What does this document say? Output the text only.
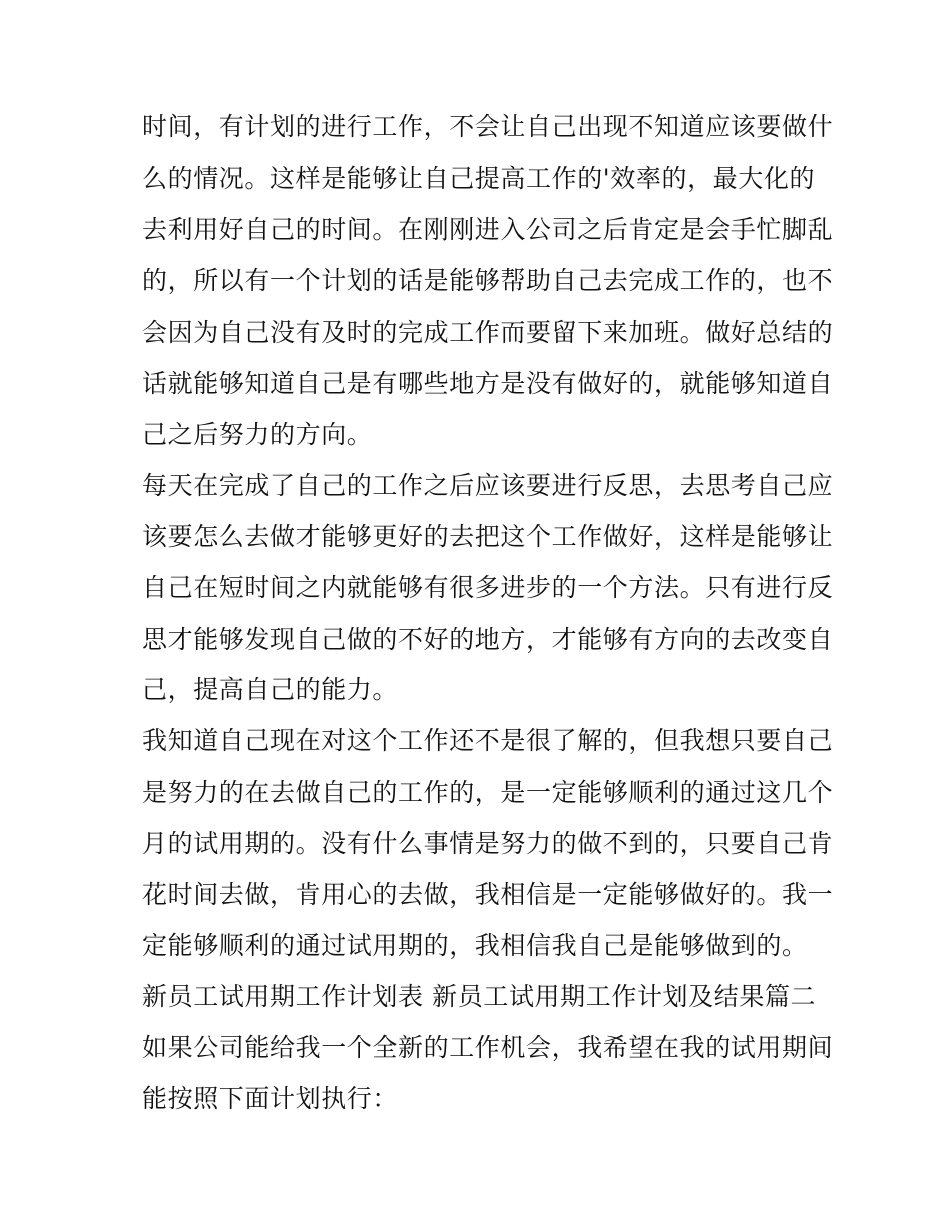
时间，有计划的进行工作，不会让自己出现不知道应该要做什
么的情况。这样是能够让自己提高工作的'效率的，最大化的
去利用好自己的时间。在刚刚进入公司之后肯定是会手忙脚乱
的，所以有一个计划的话是能够帮助自己去完成工作的，也不
会因为自己没有及时的完成工作而要留下来加班。做好总结的
话就能够知道自己是有哪些地方是没有做好的，就能够知道自
己之后努力的方向。
每天在完成了自己的工作之后应该要进行反思，去思考自己应
该要怎么去做才能够更好的去把这个工作做好，这样是能够让
自己在短时间之内就能够有很多进步的一个方法。只有进行反
思才能够发现自己做的不好的地方，才能够有方向的去改变自
己，提高自己的能力。
我知道自己现在对这个工作还不是很了解的，但我想只要自己
是努力的在去做自己的工作的，是一定能够顺利的通过这几个
月的试用期的。没有什么事情是努力的做不到的，只要自己肯
花时间去做，肯用心的去做，我相信是一定能够做好的。我一
定能够顺利的通过试用期的，我相信我自己是能够做到的。
新员工试用期工作计划表 新员工试用期工作计划及结果篇二
如果公司能给我一个全新的工作机会，我希望在我的试用期间
能按照下面计划执行：
